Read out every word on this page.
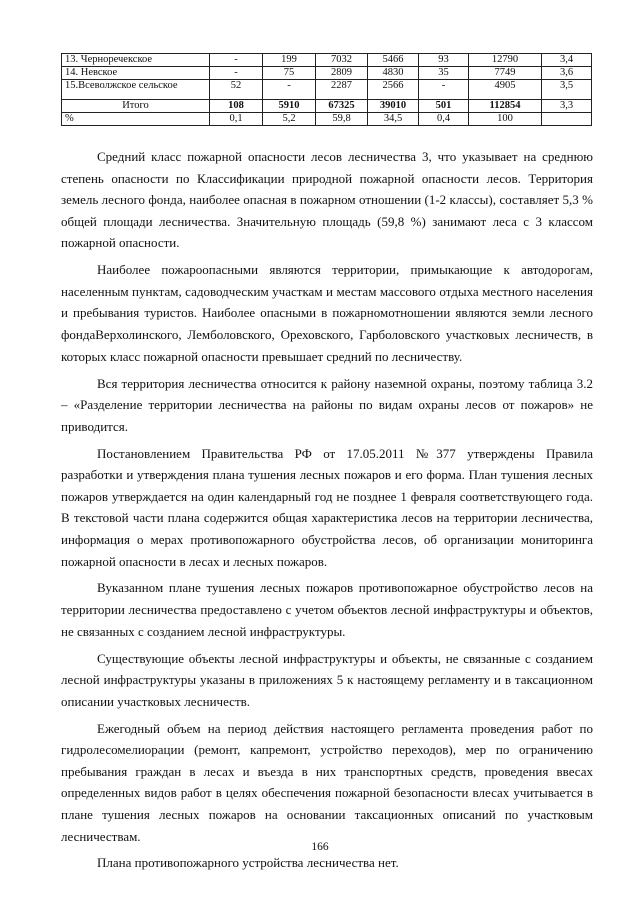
13. Черноречекское	-	199	7032	5466	93	12790	3,4
14. Невское	-	75	2809	4830	35	7749	3,6
15.Всеволжское сельское	52	-	2287	2566	-	4905	3,5
Итого	108	5910	67325	39010	501	112854	3,3
%	0,1	5,2	59,8	34,5	0,4	100	

Средний класс пожарной опасности лесов лесничества 3, что указывает на среднюю степень опасности по Классификации природной пожарной опасности лесов. Территория земель лесного фонда, наиболее опасная в пожарном отношении (1-2 классы), составляет 5,3 % общей площади лесничества. Значительную площадь (59,8 %) занимают леса с 3 классом пожарной опасности.

Наиболее пожароопасными являются территории, примыкающие к автодорогам, населенным пунктам, садоводческим участкам и местам массового отдыха местного населения и пребывания туристов. Наиболее опасными в пожарномотношении являются земли лесного фондаВерхолинского, Лемболовского, Ореховского, Гарболовского участковых лесничеств, в которых класс пожарной опасности превышает средний по лесничеству.

Вся территория лесничества относится к району наземной охраны, поэтому таблица 3.2 – «Разделение территории лесничества на районы по видам охраны лесов от пожаров» не приводится.

Постановлением Правительства РФ от 17.05.2011 №377 утверждены Правила разработки и утверждения плана тушения лесных пожаров и его форма. План тушения лесных пожаров утверждается на один календарный год не позднее 1 февраля соответствующего года. В текстовой части плана содержится общая характеристика лесов на территории лесничества, информация о мерах противопожарного обустройства лесов, об организации мониторинга пожарной опасности в лесах и лесных пожаров.

Вуказанном плане тушения лесных пожаров противопожарное обустройство лесов на территории лесничества предоставлено с учетом объектов лесной инфраструктуры и объектов, не связанных с созданием лесной инфраструктуры.

Существующие объекты лесной инфраструктуры и объекты, не связанные с созданием лесной инфраструктуры указаны в приложениях 5 к настоящему регламенту и в таксационном описании участковых лесничеств.

Ежегодный объем на период действия настоящего регламента проведения работ по гидролесомелиорации (ремонт, капремонт, устройство переходов), мер по ограничению пребывания граждан в лесах и въезда в них транспортных средств, проведения ввесах определенных видов работ в целях обеспечения пожарной безопасности влесах учитывается в плане тушения лесных пожаров на основании таксационных описаний по участковым лесничествам.

Плана противопожарного устройства лесничества нет.

166
